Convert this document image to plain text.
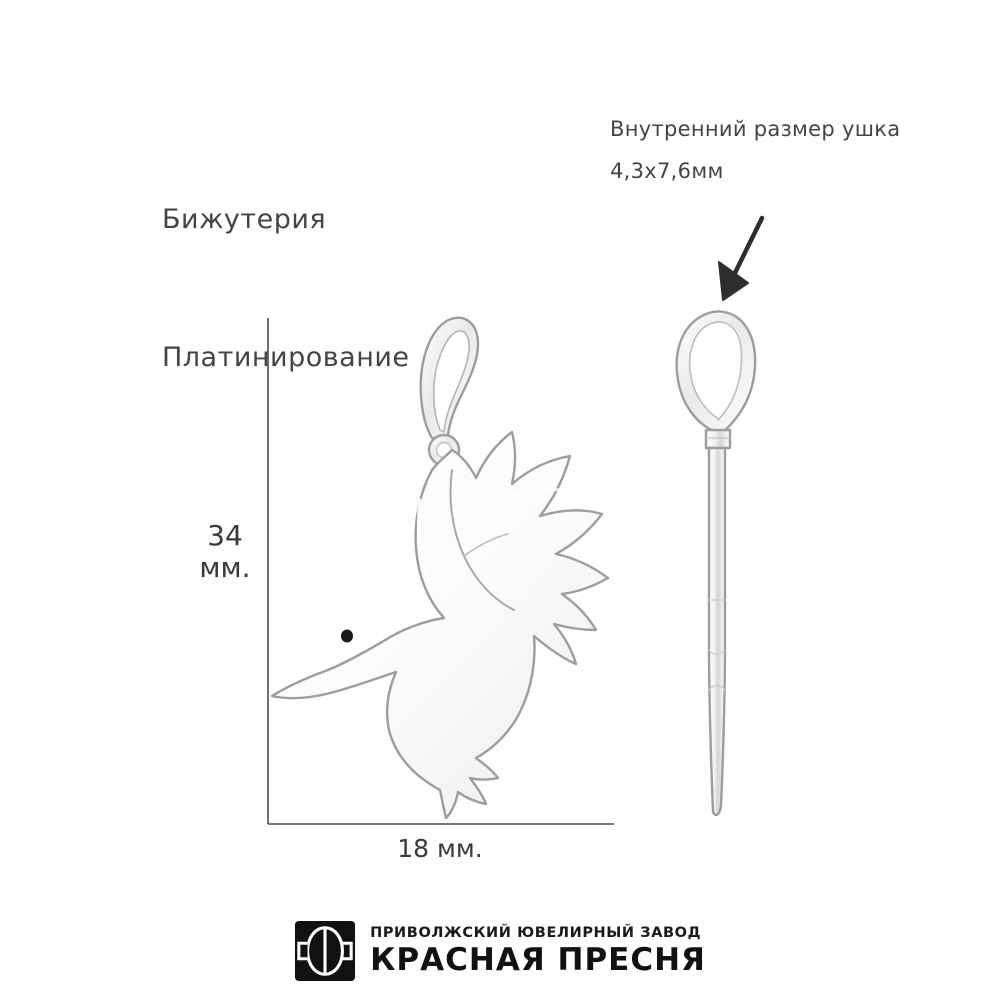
Бижутерия

Платинирование

Внутренний размер ушка
4,3х7,6мм
34
мм.
18 мм.
ПРИВОЛЖСКИЙ ЮВЕЛИРНЫЙ ЗАВОД
КРАСНАЯ ПРЕСНЯ
